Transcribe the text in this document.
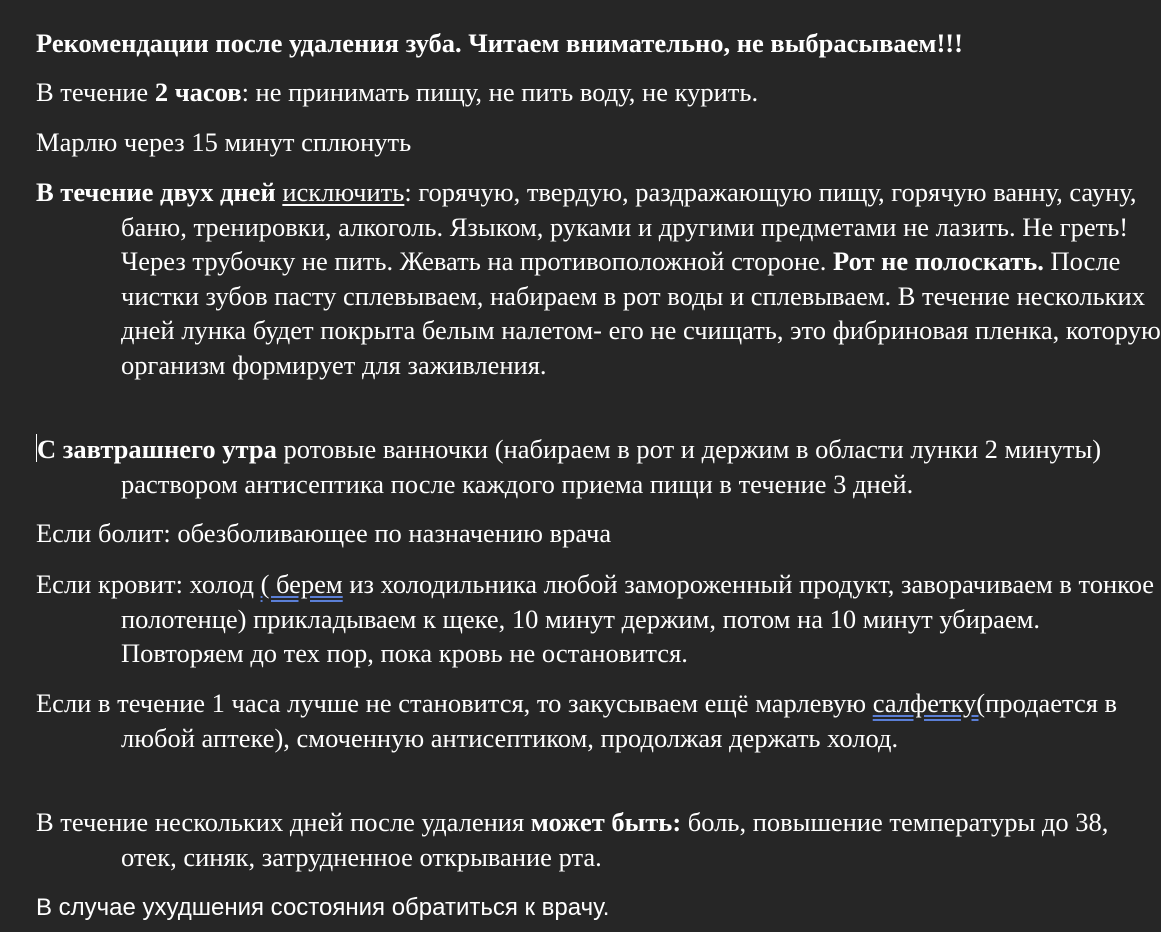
Рекомендации после удаления зуба. Читаем внимательно, не выбрасываем!!!

В течение 2 часов: не принимать пищу, не пить воду, не курить.

Марлю через 15 минут сплюнуть

В течение двух дней исключить: горячую, твердую, раздражающую пищу, горячую ванну, сауну, баню, тренировки, алкоголь. Языком, руками и другими предметами не лазить. Не греть! Через трубочку не пить. Жевать на противоположной стороне. Рот не полоскать. После чистки зубов пасту сплевываем, набираем в рот воды и сплевываем. В течение нескольких дней лунка будет покрыта белым налетом- его не счищать, это фибриновая пленка, которую организм формирует для заживления.

С завтрашнего утра ротовые ванночки (набираем в рот и держим в области лунки 2 минуты) раствором антисептика после каждого приема пищи в течение 3 дней.

Если болит: обезболивающее по назначению врача

Если кровит: холод ( берем из холодильника любой замороженный продукт, заворачиваем в тонкое полотенце) прикладываем к щеке, 10 минут держим, потом на 10 минут убираем. Повторяем до тех пор, пока кровь не остановится.

Если в течение 1 часа лучше не становится, то закусываем ещё марлевую салфетку(продается в любой аптеке), смоченную антисептиком, продолжая держать холод.

В течение нескольких дней после удаления может быть: боль, повышение температуры до 38, отек, синяк, затрудненное открывание рта.

В случае ухудшения состояния обратиться к врачу.
